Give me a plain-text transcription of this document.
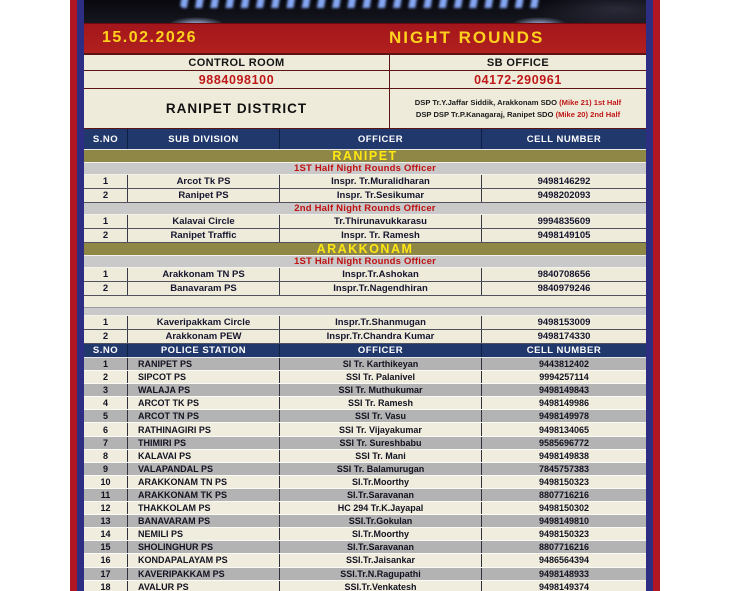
15.02.2026	NIGHT ROUNDS
CONTROL ROOM	SB OFFICE
9884098100	04172-290961
RANIPET DISTRICT	DSP Tr.Y.Jaffar Siddik, Arakkonam SDO (Mike 21) 1st Half
DSP DSP Tr.P.Kanagaraj, Ranipet SDO (Mike 20) 2nd Half
S.NO	SUB DIVISION	OFFICER	CELL NUMBER
RANIPET
1ST Half Night Rounds Officer
1	Arcot Tk PS	Inspr. Tr.Muralidharan	9498146292
2	Ranipet PS	Inspr. Tr.Sesikumar	9498202093
2nd Half Night Rounds Officer
1	Kalavai Circle	Tr.Thirunavukkarasu	9994835609
2	Ranipet Traffic	Inspr. Tr. Ramesh	9498149105
ARAKKONAM
1ST Half Night Rounds Officer
1	Arakkonam TN PS	Inspr.Tr.Ashokan	9840708656
2	Banavaram PS	Inspr.Tr.Nagendhiran	9840979246
1	Kaveripakkam Circle	Inspr.Tr.Shanmugan	9498153009
2	Arakkonam PEW	Inspr.Tr.Chandra Kumar	9498174330
S.NO	POLICE STATION	OFFICER	CELL NUMBER
1	RANIPET PS	SI Tr. Karthikeyan	9443812402
2	SIPCOT PS	SSI Tr. Palanivel	9994257114
3	WALAJA PS	SSI Tr. Muthukumar	9498149843
4	ARCOT TK PS	SSI Tr. Ramesh	9498149986
5	ARCOT TN PS	SSI Tr. Vasu	9498149978
6	RATHINAGIRI PS	SSI Tr. Vijayakumar	9498134065
7	THIMIRI PS	SSI Tr. Sureshbabu	9585696772
8	KALAVAI PS	SSI Tr. Mani	9498149838
9	VALAPANDAL PS	SSI Tr. Balamurugan	7845757383
10	ARAKKONAM TN PS	SI.Tr.Moorthy	9498150323
11	ARAKKONAM TK PS	SI.Tr.Saravanan	8807716216
12	THAKKOLAM PS	HC 294 Tr.K.Jayapal	9498150302
13	BANAVARAM PS	SSI.Tr.Gokulan	9498149810
14	NEMILI PS	SI.Tr.Moorthy	9498150323
15	SHOLINGHUR PS	SI.Tr.Saravanan	8807716216
16	KONDAPALAYAM PS	SSI.Tr.Jaisankar	9486564394
17	KAVERIPAKKAM PS	SSI.Tr.N.Ragupathi	9498148933
18	AVALUR PS	SSI.Tr.Venkatesh	9498149374
